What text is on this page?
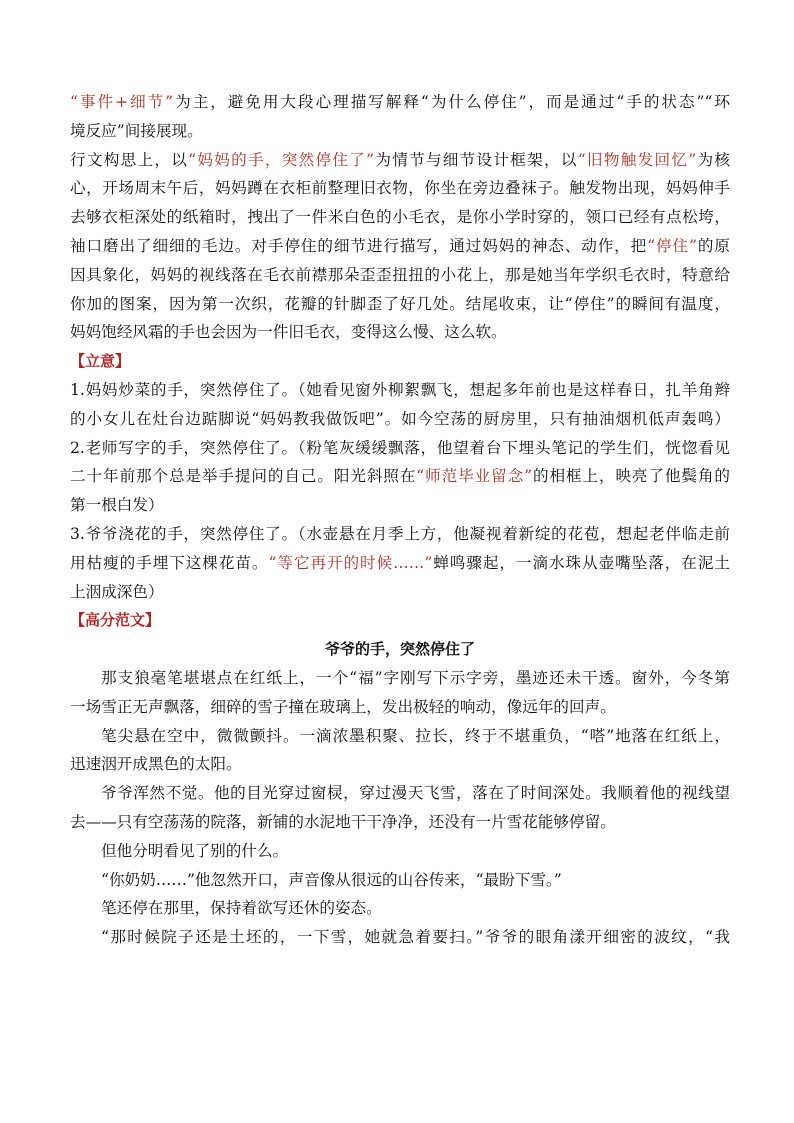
“事件+细节”为主，避免用大段心理描写解释“为什么停住”，而是通过“手的状态”“环
境反应”间接展现。
行文构思上，以“妈妈的手，突然停住了”为情节与细节设计框架，以“旧物触发回忆”为核
心，开场周末午后，妈妈蹲在衣柜前整理旧衣物，你坐在旁边叠袜子。触发物出现，妈妈伸手
去够衣柜深处的纸箱时，拽出了一件米白色的小毛衣，是你小学时穿的，领口已经有点松垮，
袖口磨出了细细的毛边。对手停住的细节进行描写，通过妈妈的神态、动作，把“停住”的原
因具象化，妈妈的视线落在毛衣前襟那朵歪歪扭扭的小花上，那是她当年学织毛衣时，特意给
你加的图案，因为第一次织，花瓣的针脚歪了好几处。结尾收束，让“停住”的瞬间有温度，
妈妈饱经风霜的手也会因为一件旧毛衣，变得这么慢、这么软。
【立意】
1.妈妈炒菜的手，突然停住了。（她看见窗外柳絮飘飞，想起多年前也是这样春日，扎羊角辫
的小女儿在灶台边踮脚说“妈妈教我做饭吧”。如今空荡的厨房里，只有抽油烟机低声轰鸣）
2.老师写字的手，突然停住了。（粉笔灰缓缓飘落，他望着台下埋头笔记的学生们，恍惚看见
二十年前那个总是举手提问的自己。阳光斜照在“师范毕业留念”的相框上，映亮了他鬓角的
第一根白发）
3.爷爷浇花的手，突然停住了。（水壶悬在月季上方，他凝视着新绽的花苞，想起老伴临走前
用枯瘦的手埋下这棵花苗。“等它再开的时候……”蝉鸣骤起，一滴水珠从壶嘴坠落，在泥土
上洇成深色）
【高分范文】
爷爷的手，突然停住了
那支狼毫笔堪堪点在红纸上，一个“福”字刚写下示字旁，墨迹还未干透。窗外，今冬第
一场雪正无声飘落，细碎的雪子撞在玻璃上，发出极轻的响动，像远年的回声。
笔尖悬在空中，微微颤抖。一滴浓墨积聚、拉长，终于不堪重负，“嗒”地落在红纸上，
迅速洇开成黑色的太阳。
爷爷浑然不觉。他的目光穿过窗棂，穿过漫天飞雪，落在了时间深处。我顺着他的视线望
去——只有空荡荡的院落，新铺的水泥地干干净净，还没有一片雪花能够停留。
但他分明看见了别的什么。
“你奶奶……”他忽然开口，声音像从很远的山谷传来，“最盼下雪。”
笔还停在那里，保持着欲写还休的姿态。
“那时候院子还是土坯的，一下雪，她就急着要扫。”爷爷的眼角漾开细密的波纹，“我
